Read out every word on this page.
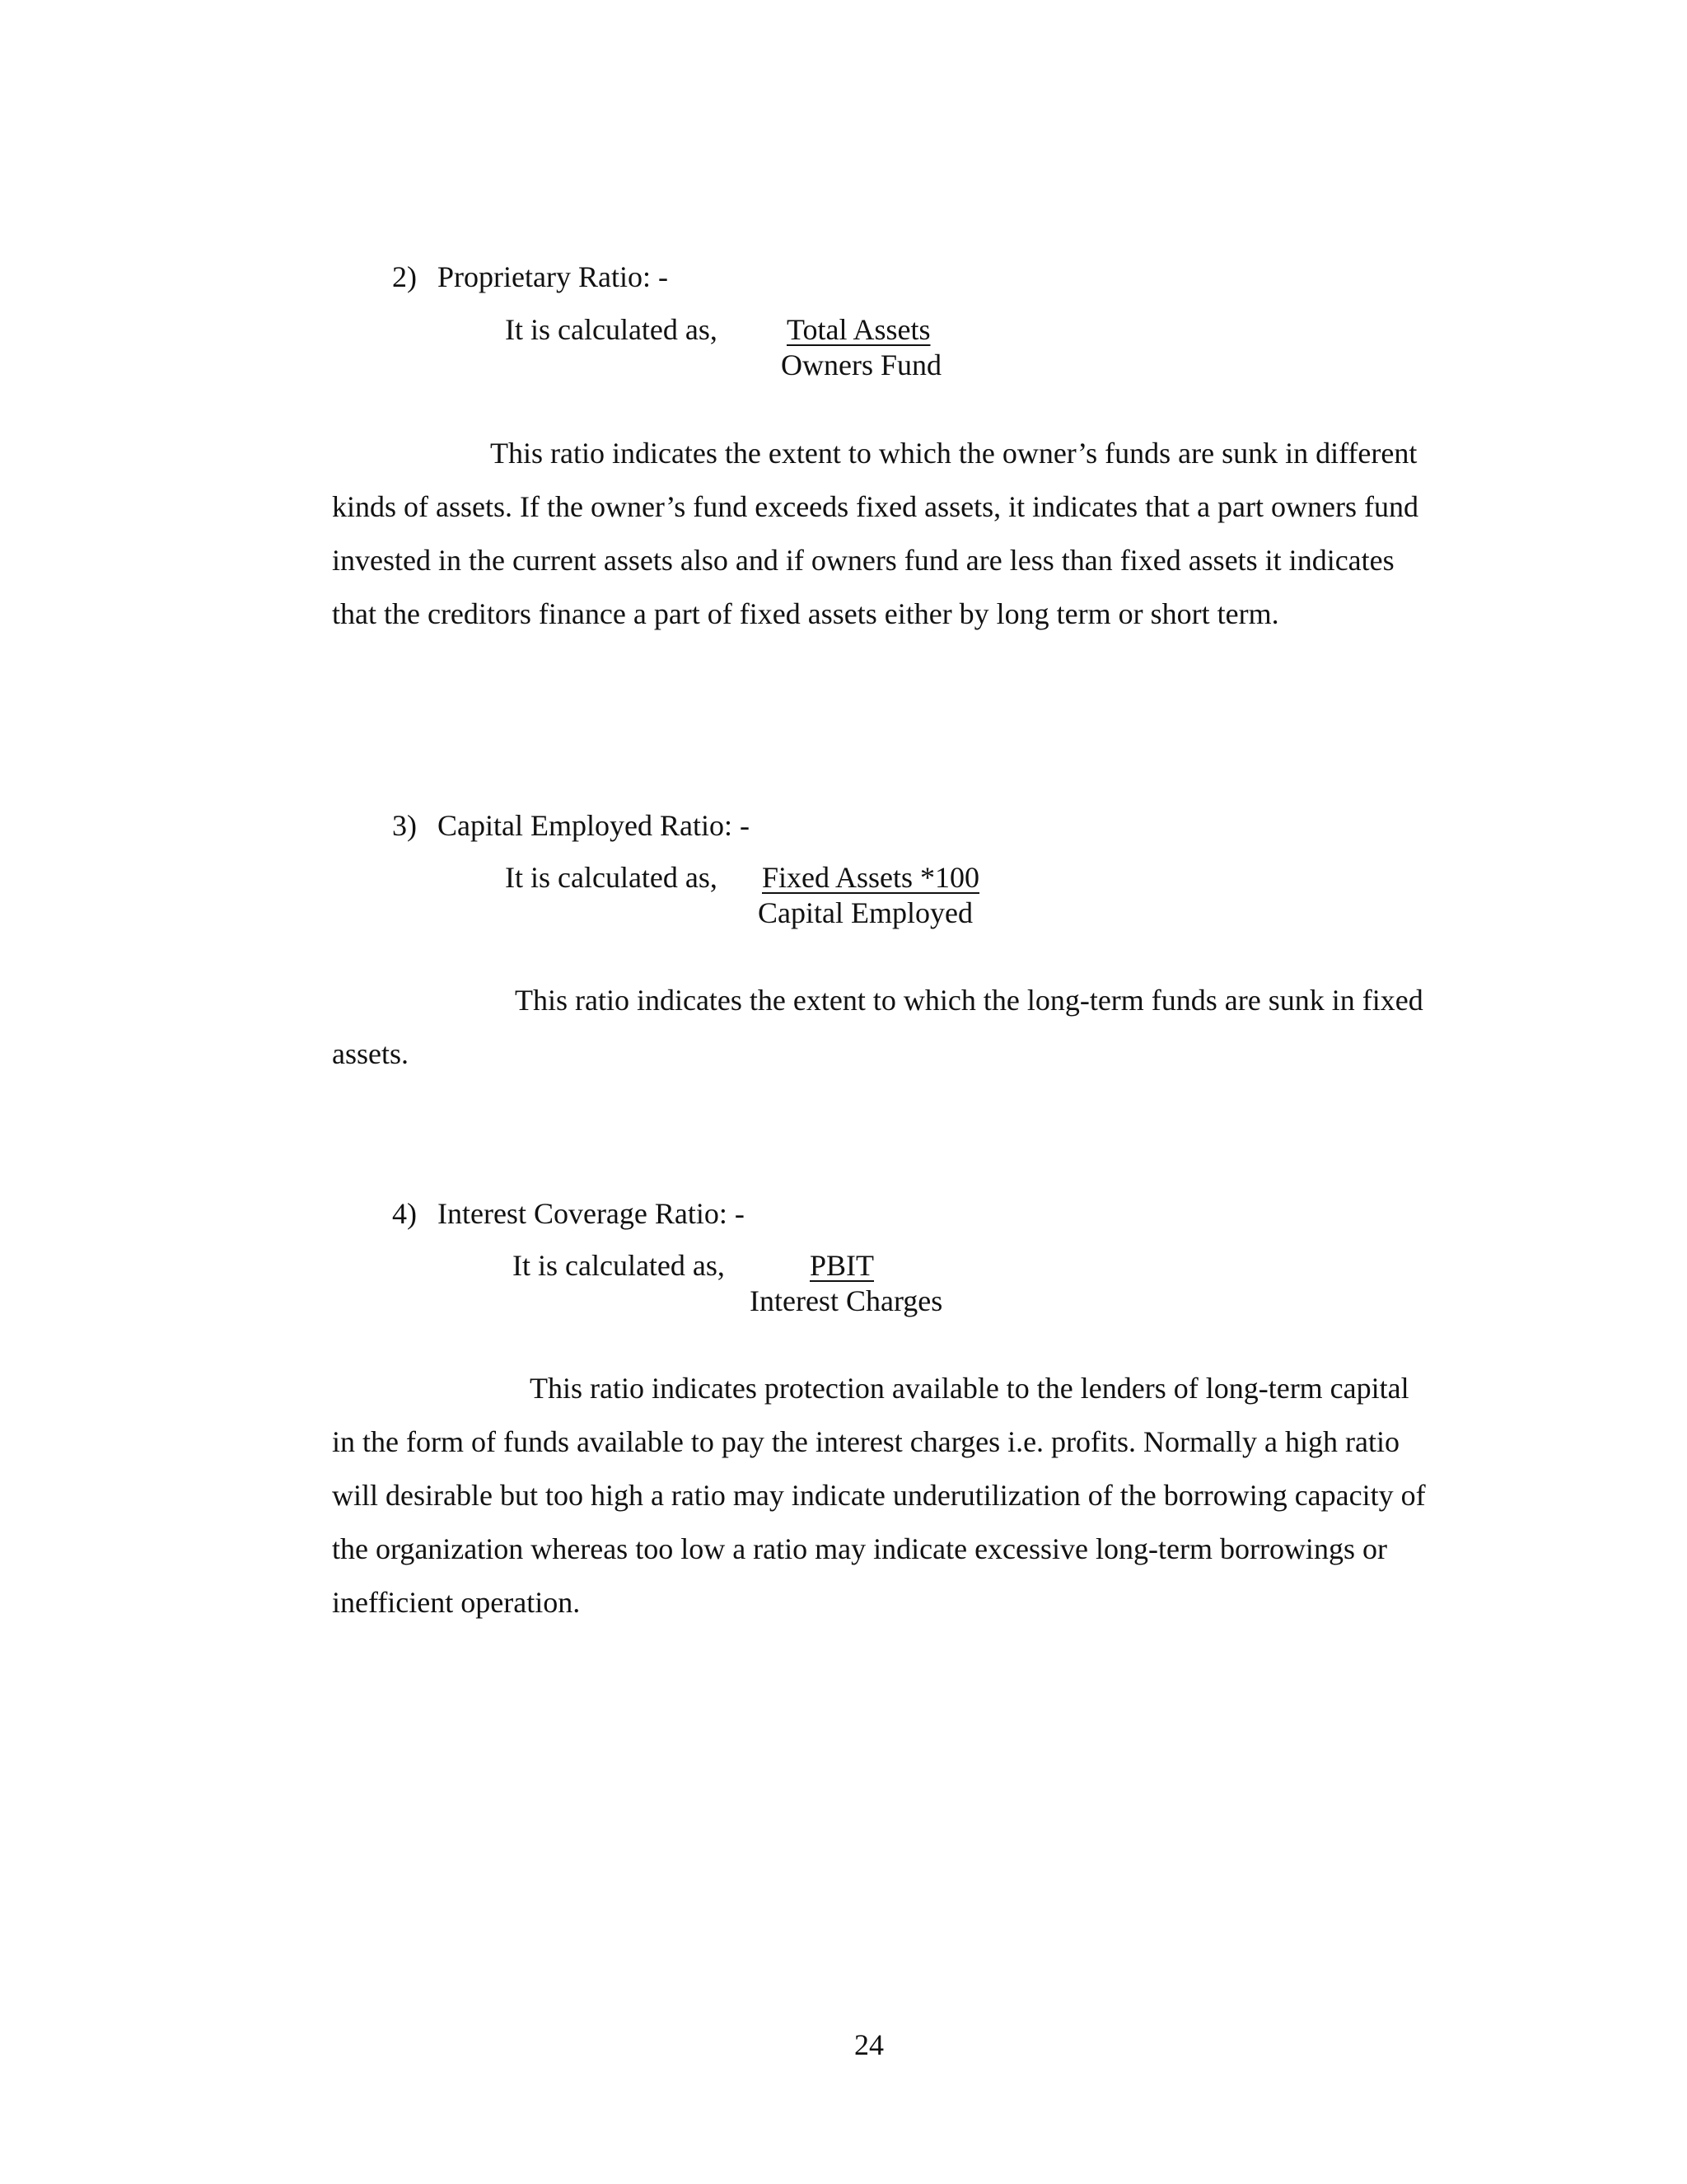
2) Proprietary Ratio: -
It is calculated as, Total Assets
Owners Fund

This ratio indicates the extent to which the owner’s funds are sunk in different kinds of assets. If the owner’s fund exceeds fixed assets, it indicates that a part owners fund invested in the current assets also and if owners fund are less than fixed assets it indicates that the creditors finance a part of fixed assets either by long term or short term.

3) Capital Employed Ratio: -
It is calculated as, Fixed Assets *100
Capital Employed

This ratio indicates the extent to which the long-term funds are sunk in fixed assets.

4) Interest Coverage Ratio: -
It is calculated as,	PBIT
Interest Charges

This ratio indicates protection available to the lenders of long-term capital in the form of funds available to pay the interest charges i.e. profits. Normally a high ratio will desirable but too high a ratio may indicate underutilization of the borrowing capacity of the organization whereas too low a ratio may indicate excessive long-term borrowings or inefficient operation.

24
